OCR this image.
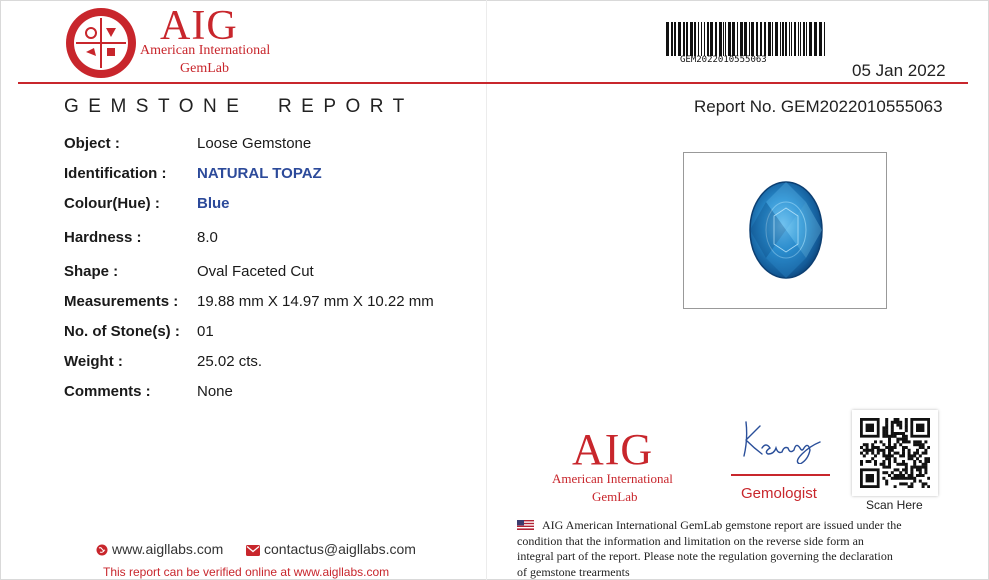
AIG
American International
GemLab
GEMSTONE  REPORT
Object :	Loose Gemstone
Identification : NATURAL TOPAZ
Colour(Hue) : Blue
Hardness :	8.0
Shape :	Oval Faceted Cut
Measurements : 19.88 mm X 14.97 mm X 10.22 mm
No. of Stone(s) : 01
Weight :	25.02 cts.
Comments :	None
www.aigllabs.com	contactus@aigllabs.com
This report can be verified online at www.aigllabs.com
GEM2022010555063
05 Jan 2022
Report No. GEM2022010555063
AIG
American International
GemLab	Gemologist
Scan Here
AIG American International GemLab gemstone report are issued under the
condition that the information and limitation on the reverse side form an
integral part of the report. Please note the regulation governing the declaration
of gemstone trearments
